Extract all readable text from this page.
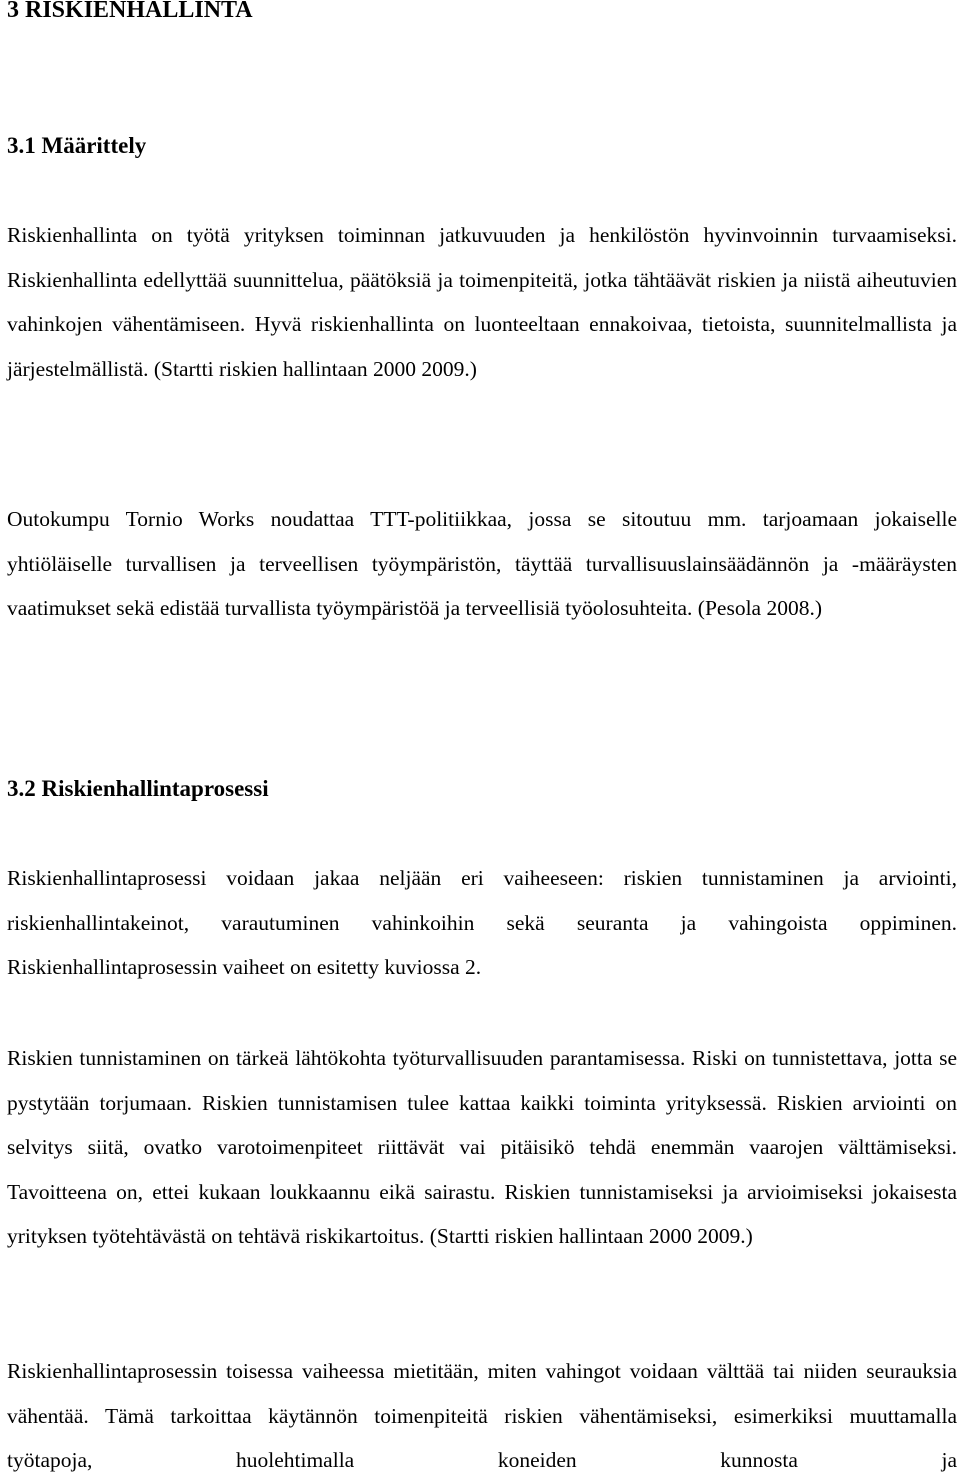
3 RISKIENHALLINTA
3.1 Määrittely

Riskienhallinta on työtä yrityksen toiminnan jatkuvuuden ja henkilöstön hyvinvoinnin turvaamiseksi. Riskienhallinta edellyttää suunnittelua, päätöksiä ja toimenpiteitä, jotka tähtäävät riskien ja niistä aiheutuvien vahinkojen vähentämiseen. Hyvä riskienhallinta on luonteeltaan ennakoivaa, tietoista, suunnitelmallista ja järjestelmällistä. (Startti riskien hallintaan 2000 2009.)

Outokumpu Tornio Works noudattaa TTT-politiikkaa, jossa se sitoutuu mm. tarjoamaan jokaiselle yhtiöläiselle turvallisen ja terveellisen työympäristön, täyttää turvallisuuslainsäädännön ja -määräysten vaatimukset sekä edistää turvallista työympäristöä ja terveellisiä työolosuhteita. (Pesola 2008.)

3.2 Riskienhallintaprosessi

Riskienhallintaprosessi voidaan jakaa neljään eri vaiheeseen: riskien tunnistaminen ja arviointi, riskienhallintakeinot, varautuminen vahinkoihin sekä seuranta ja vahingoista oppiminen. Riskienhallintaprosessin vaiheet on esitetty kuviossa 2.

Riskien tunnistaminen on tärkeä lähtökohta työturvallisuuden parantamisessa. Riski on tunnistettava, jotta se pystytään torjumaan. Riskien tunnistamisen tulee kattaa kaikki toiminta yrityksessä. Riskien arviointi on selvitys siitä, ovatko varotoimenpiteet riittävät vai pitäisikö tehdä enemmän vaarojen välttämiseksi. Tavoitteena on, ettei kukaan loukkaannu eikä sairastu. Riskien tunnistamiseksi ja arvioimiseksi jokaisesta yrityksen työtehtävästä on tehtävä riskikartoitus. (Startti riskien hallintaan 2000 2009.)

Riskienhallintaprosessin toisessa vaiheessa mietitään, miten vahingot voidaan välttää tai niiden seurauksia vähentää. Tämä tarkoittaa käytännön toimenpiteitä riskien vähentämiseksi, esimerkiksi muuttamalla työtapoja, huolehtimalla koneiden kunnosta ja
